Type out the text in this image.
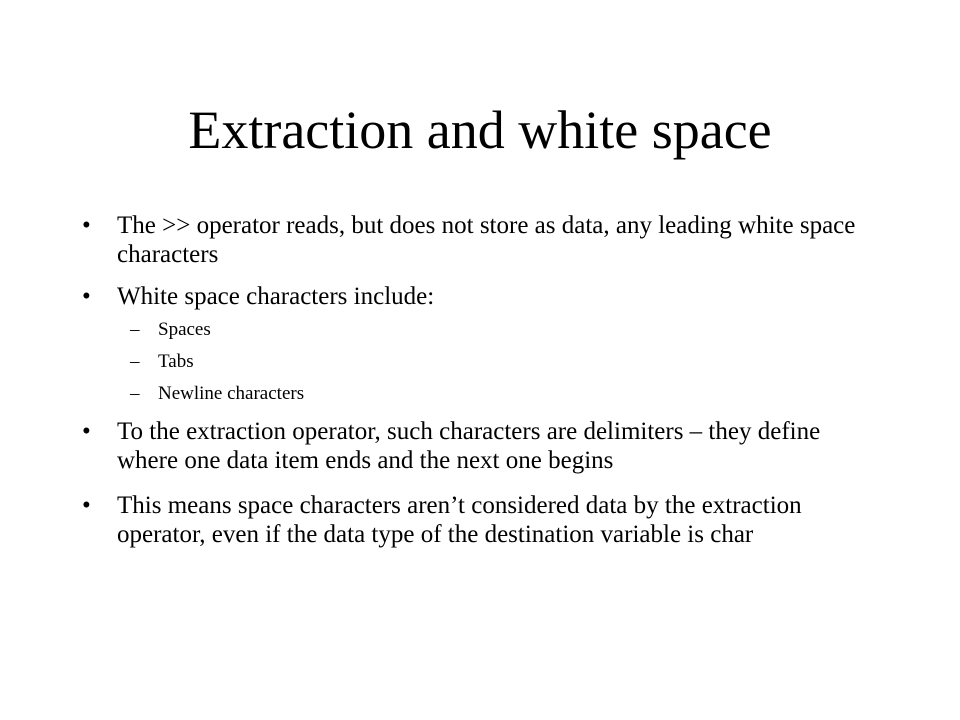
Extraction and white space
•	The >> operator reads, but does not store as data, any leading white space characters
•	White space characters include:
– Spaces
– Tabs
– Newline characters
•	To the extraction operator, such characters are delimiters – they define where one data item ends and the next one begins
•	This means space characters aren’t considered data by the extraction operator, even if the data type of the destination variable is char
